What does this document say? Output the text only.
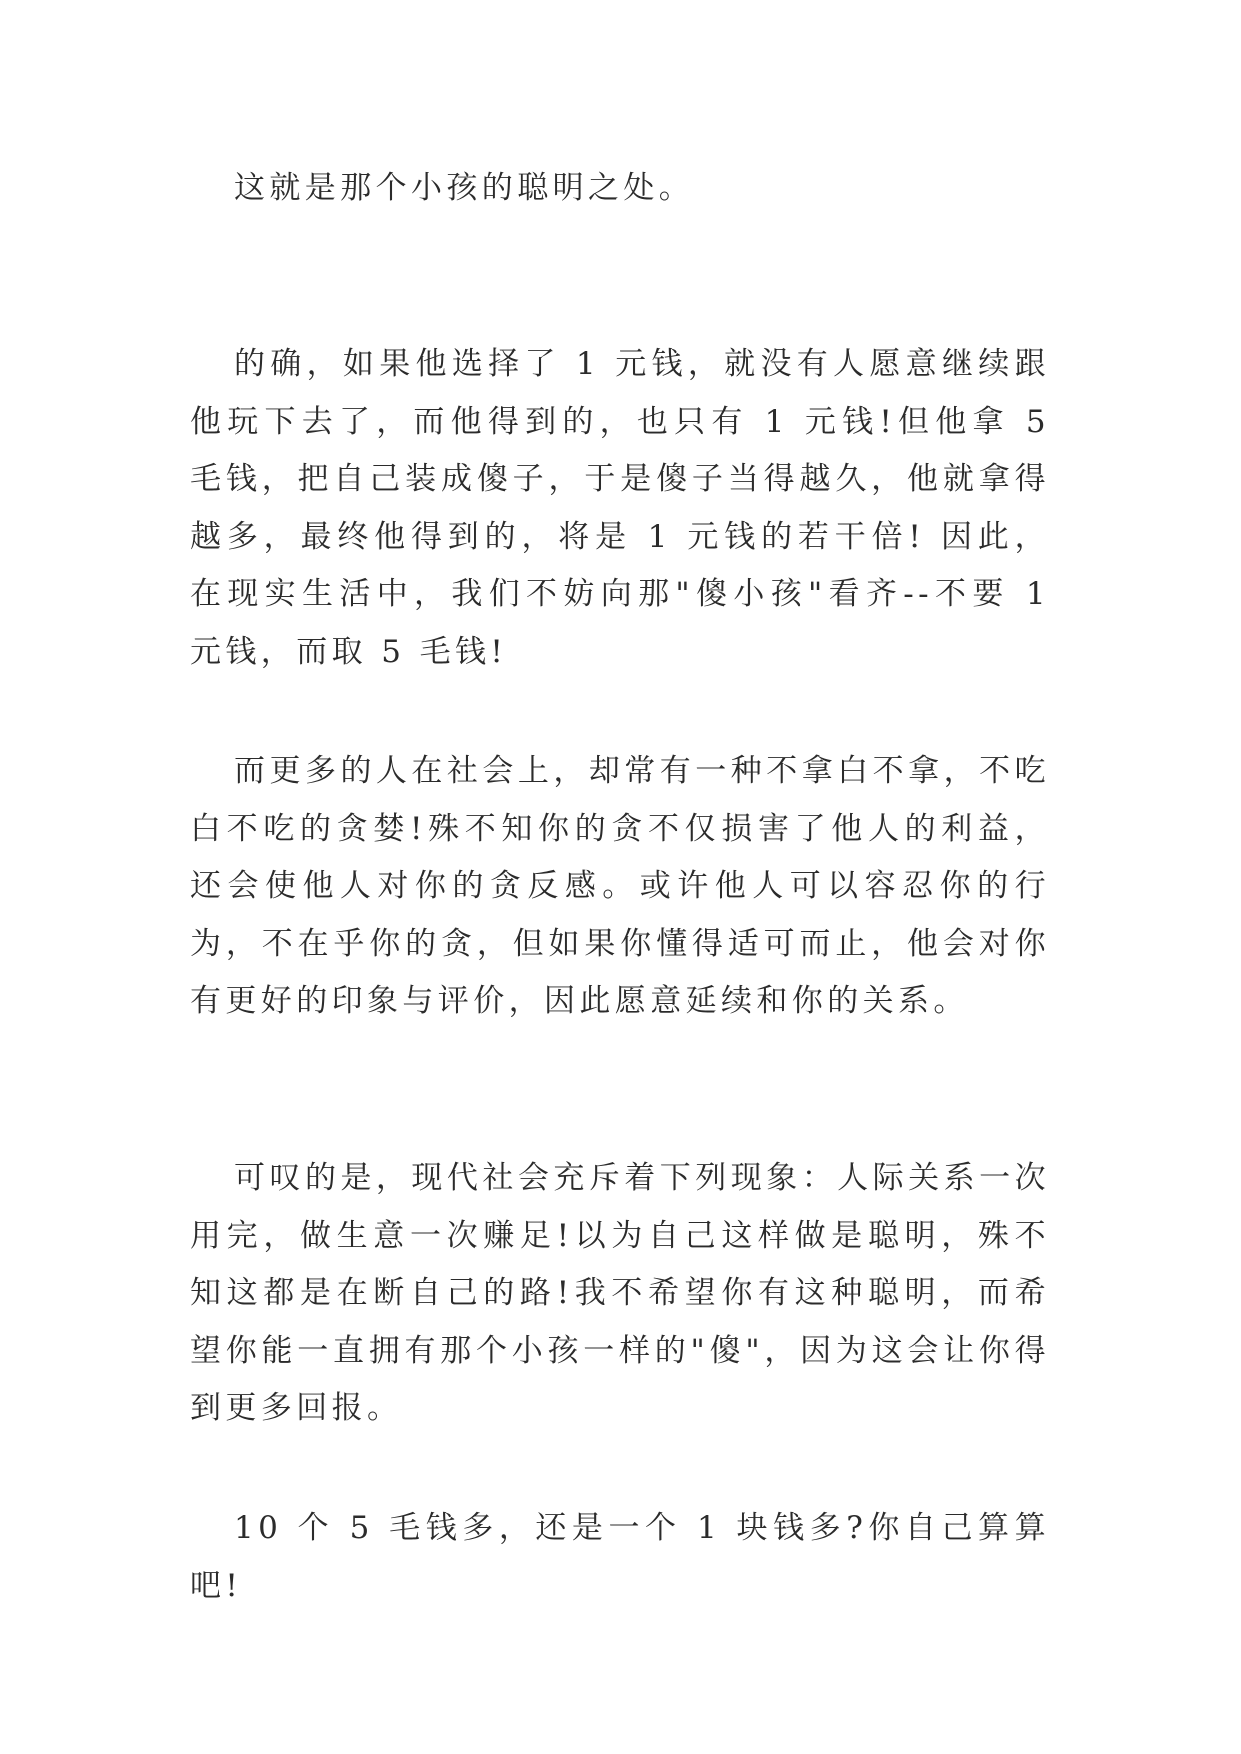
这就是那个小孩的聪明之处。

的确，如果他选择了 1 元钱，就没有人愿意继续跟他玩下去了，而他得到的，也只有 1 元钱!但他拿 5 毛钱，把自己装成傻子，于是傻子当得越久，他就拿得越多，最终他得到的，将是 1 元钱的若干倍! 因此，在现实生活中，我们不妨向那"傻小孩"看齐--不要 1 元钱，而取 5 毛钱!

而更多的人在社会上，却常有一种不拿白不拿，不吃白不吃的贪婪!殊不知你的贪不仅损害了他人的利益，还会使他人对你的贪反感。或许他人可以容忍你的行为，不在乎你的贪，但如果你懂得适可而止，他会对你有更好的印象与评价，因此愿意延续和你的关系。

可叹的是，现代社会充斥着下列现象：人际关系一次用完，做生意一次赚足!以为自己这样做是聪明，殊不知这都是在断自己的路!我不希望你有这种聪明，而希望你能一直拥有那个小孩一样的"傻"，因为这会让你得到更多回报。

10 个 5 毛钱多，还是一个 1 块钱多?你自己算算吧!
